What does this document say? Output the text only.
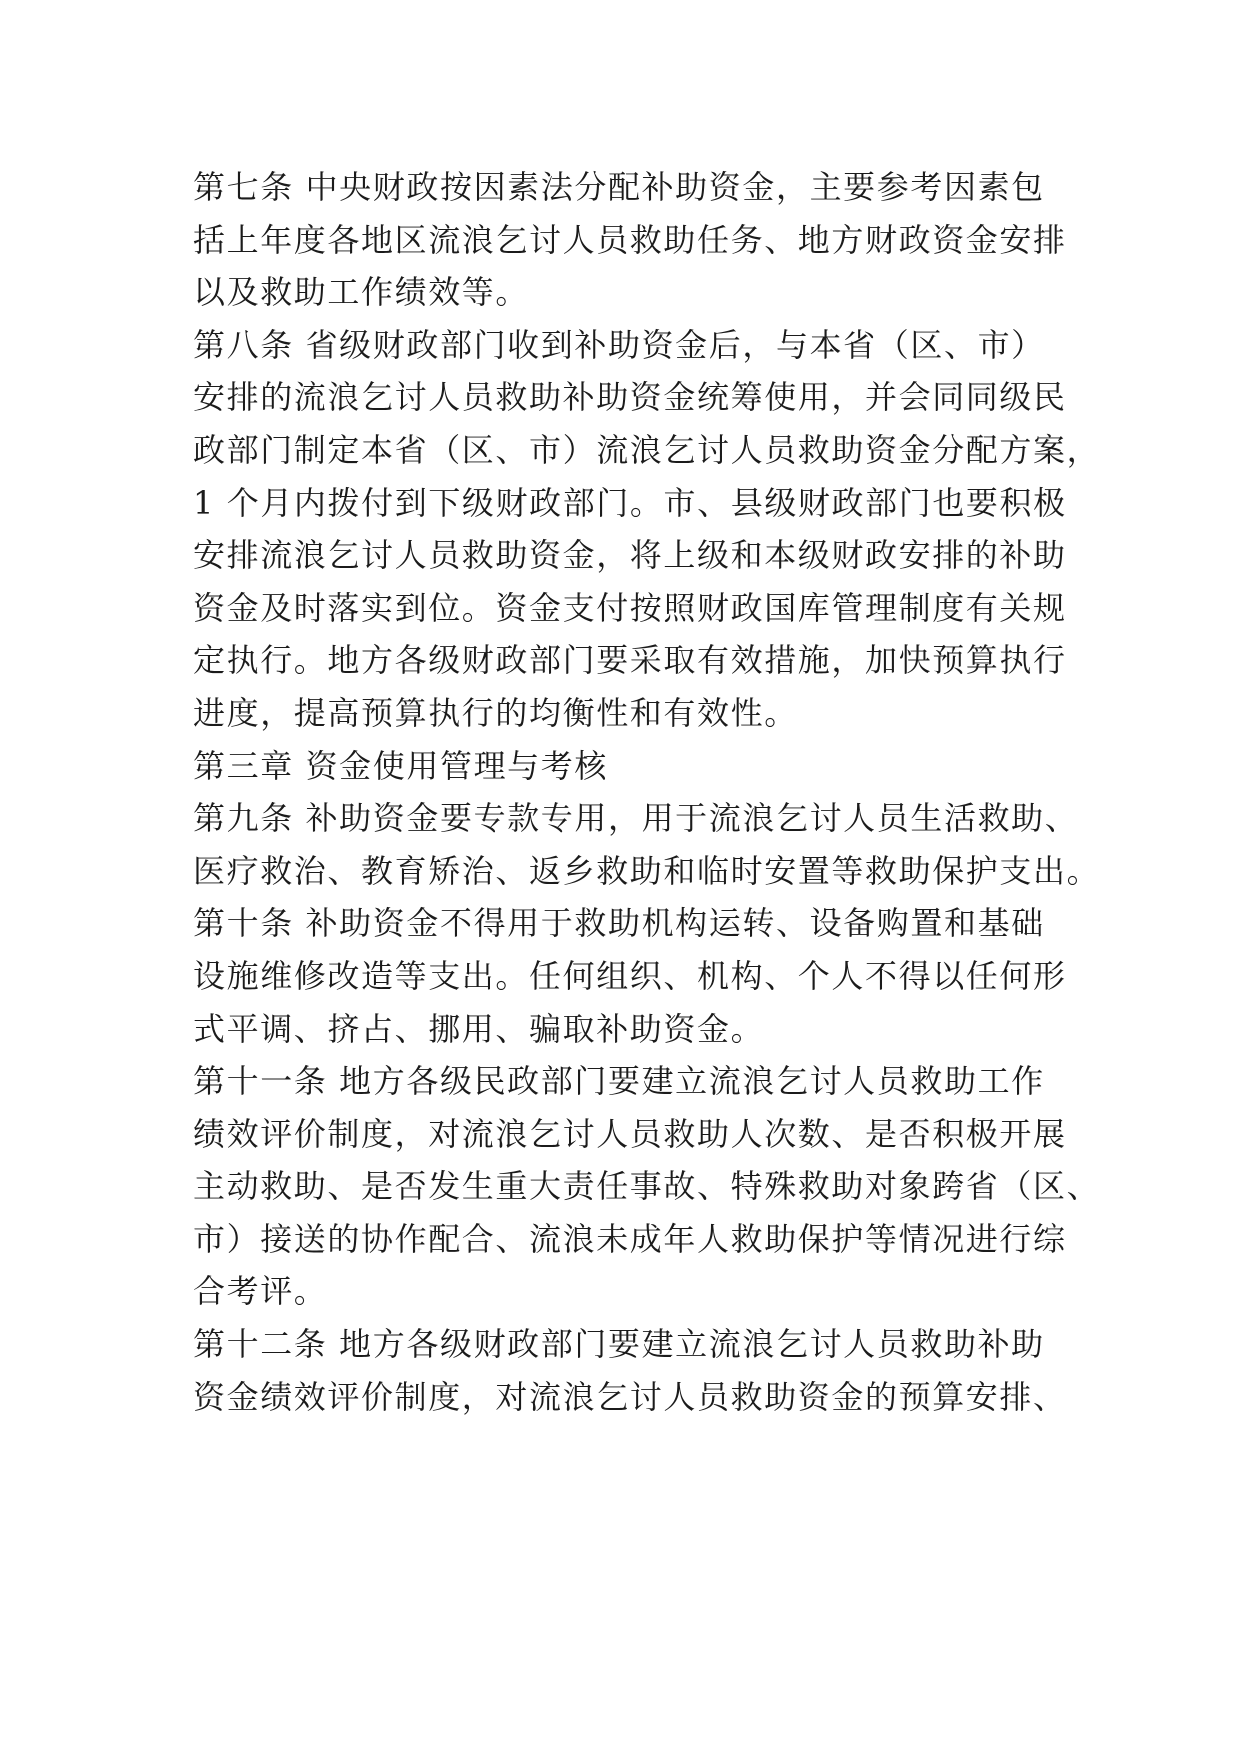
第七条 中央财政按因素法分配补助资金，主要参考因素包
括上年度各地区流浪乞讨人员救助任务、地方财政资金安排
以及救助工作绩效等。
第八条 省级财政部门收到补助资金后，与本省（区、市）
安排的流浪乞讨人员救助补助资金统筹使用，并会同同级民
政部门制定本省（区、市）流浪乞讨人员救助资金分配方案，
1 个月内拨付到下级财政部门。市、县级财政部门也要积极
安排流浪乞讨人员救助资金，将上级和本级财政安排的补助
资金及时落实到位。资金支付按照财政国库管理制度有关规
定执行。地方各级财政部门要采取有效措施，加快预算执行
进度，提高预算执行的均衡性和有效性。
第三章 资金使用管理与考核
第九条 补助资金要专款专用，用于流浪乞讨人员生活救助、
医疗救治、教育矫治、返乡救助和临时安置等救助保护支出。
第十条 补助资金不得用于救助机构运转、设备购置和基础
设施维修改造等支出。任何组织、机构、个人不得以任何形
式平调、挤占、挪用、骗取补助资金。
第十一条 地方各级民政部门要建立流浪乞讨人员救助工作
绩效评价制度，对流浪乞讨人员救助人次数、是否积极开展
主动救助、是否发生重大责任事故、特殊救助对象跨省（区、
市）接送的协作配合、流浪未成年人救助保护等情况进行综
合考评。
第十二条 地方各级财政部门要建立流浪乞讨人员救助补助
资金绩效评价制度，对流浪乞讨人员救助资金的预算安排、
